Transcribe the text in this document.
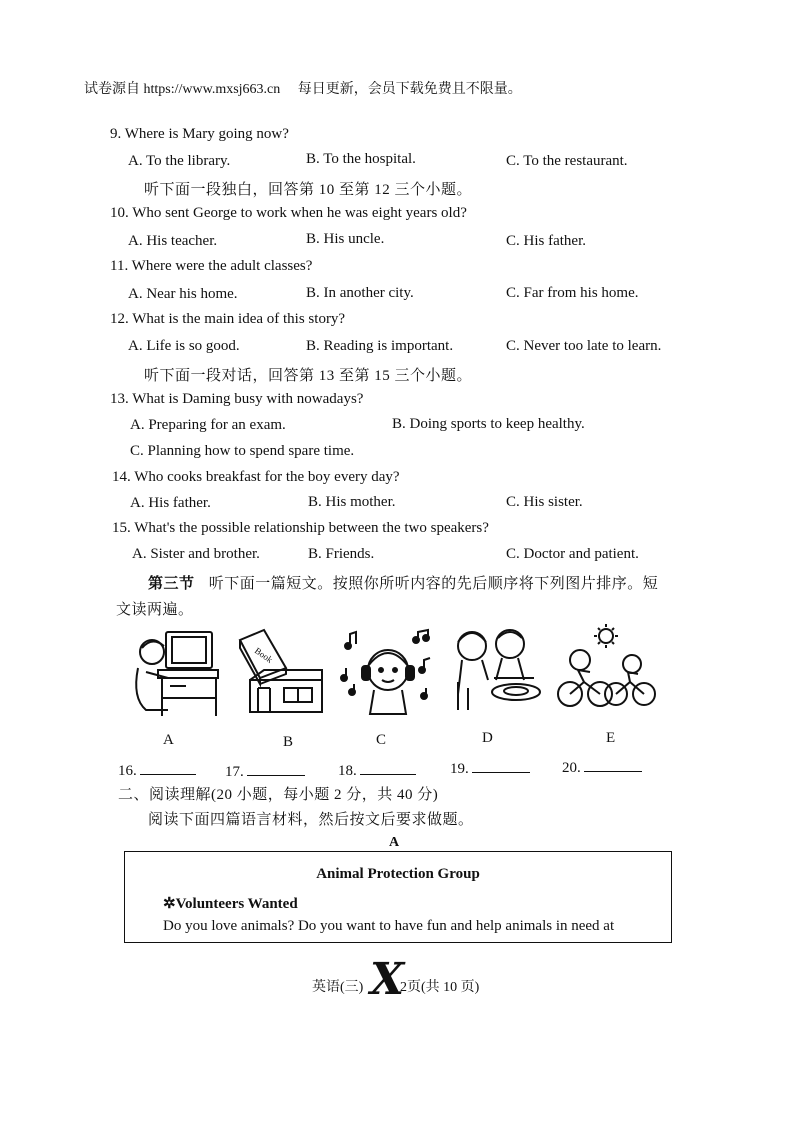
试卷源自 https://www.mxsj663.cn 每日更新，会员下载免费且不限量。
9. Where is Mary going now?
A. To the library.	B. To the hospital.	C. To the restaurant.
听下面一段独白，回答第 10 至第 12 三个小题。
10. Who sent George to work when he was eight years old?
A. His teacher.	B. His uncle.	C. His father.
11. Where were the adult classes?
A. Near his home.	B. In another city.	C. Far from his home.
12. What is the main idea of this story?
A. Life is so good.	B. Reading is important.	C. Never too late to learn.
听下面一段对话，回答第 13 至第 15 三个小题。
13. What is Daming busy with nowadays?
A. Preparing for an exam.	B. Doing sports to keep healthy.
C. Planning how to spend spare time.
14. Who cooks breakfast for the boy every day?
A. His father.	B. His mother.	C. His sister.
15. What's the possible relationship between the two speakers?
A. Sister and brother.	B. Friends.	C. Doctor and patient.
第三节 听下面一篇短文。按照你所听内容的先后顺序将下列图片排序。短
文读两遍。
A
Book
B	C	D	E
16.	17.	18.	19.	20.
二、阅读理解(20 小题，每小题 2 分，共 40 分)
阅读下面四篇语言材料，然后按文后要求做题。
A
Animal Protection Group
✲Volunteers Wanted
Do you love animals? Do you want to have fun and help animals in need at
英语(三) X
2页(共 10 页)
